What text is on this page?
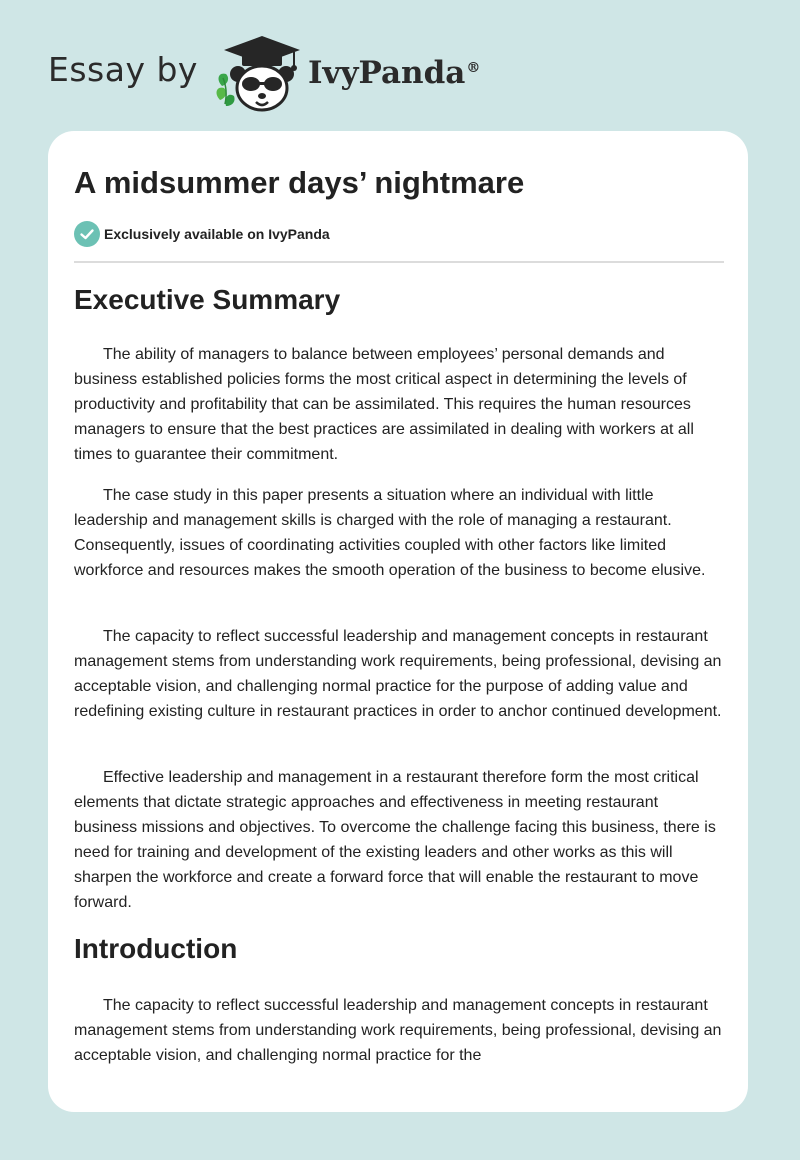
Essay by	IvyPanda®
A midsummer days’ nightmare
Exclusively available on IvyPanda
Executive Summary

The ability of managers to balance between employees’ personal demands and business established policies forms the most critical aspect in determining the levels of productivity and profitability that can be assimilated. This requires the human resources managers to ensure that the best practices are assimilated in dealing with workers at all times to guarantee their commitment.

The case study in this paper presents a situation where an individual with little leadership and management skills is charged with the role of managing a restaurant. Consequently, issues of coordinating activities coupled with other factors like limited workforce and resources makes the smooth operation of the business to become elusive.

The capacity to reflect successful leadership and management concepts in restaurant management stems from understanding work requirements, being professional, devising an acceptable vision, and challenging normal practice for the purpose of adding value and redefining existing culture in restaurant practices in order to anchor continued development.

Effective leadership and management in a restaurant therefore form the most critical elements that dictate strategic approaches and effectiveness in meeting restaurant business missions and objectives. To overcome the challenge facing this business, there is need for training and development of the existing leaders and other works as this will sharpen the workforce and create a forward force that will enable the restaurant to move forward.

Introduction

The capacity to reflect successful leadership and management concepts in restaurant management stems from understanding work requirements, being professional, devising an acceptable vision, and challenging normal practice for the
